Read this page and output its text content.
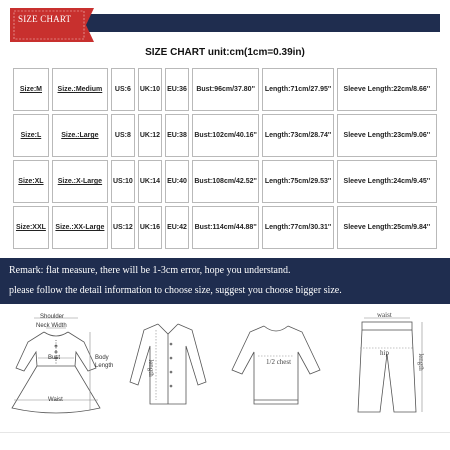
SIZE CHART
SIZE CHART unit:cm(1cm=0.39in)
Size:M	Size.:Medium	US:6	UK:10	EU:36	Bust:96cm/37.80''	Length:71cm/27.95''	Sleeve Length:22cm/8.66''
Size:L	Size.:Large	US:8	UK:12	EU:38	Bust:102cm/40.16''	Length:73cm/28.74''	Sleeve Length:23cm/9.06''
Size:XL	Size.:X-Large	US:10	UK:14	EU:40	Bust:108cm/42.52''	Length:75cm/29.53''	Sleeve Length:24cm/9.45''
Size:XXL	Size.:XX-Large	US:12	UK:16	EU:42	Bust:114cm/44.88''	Length:77cm/30.31''	Sleeve Length:25cm/9.84''
Remark: flat measure, there will be 1-3cm error, hope you understand.
please follow the detail information to choose size, suggest you choose bigger size.
Shoulder
Neck Width
Bust
Waist
Body Length	length	1/2 chest
waist
hip
length
